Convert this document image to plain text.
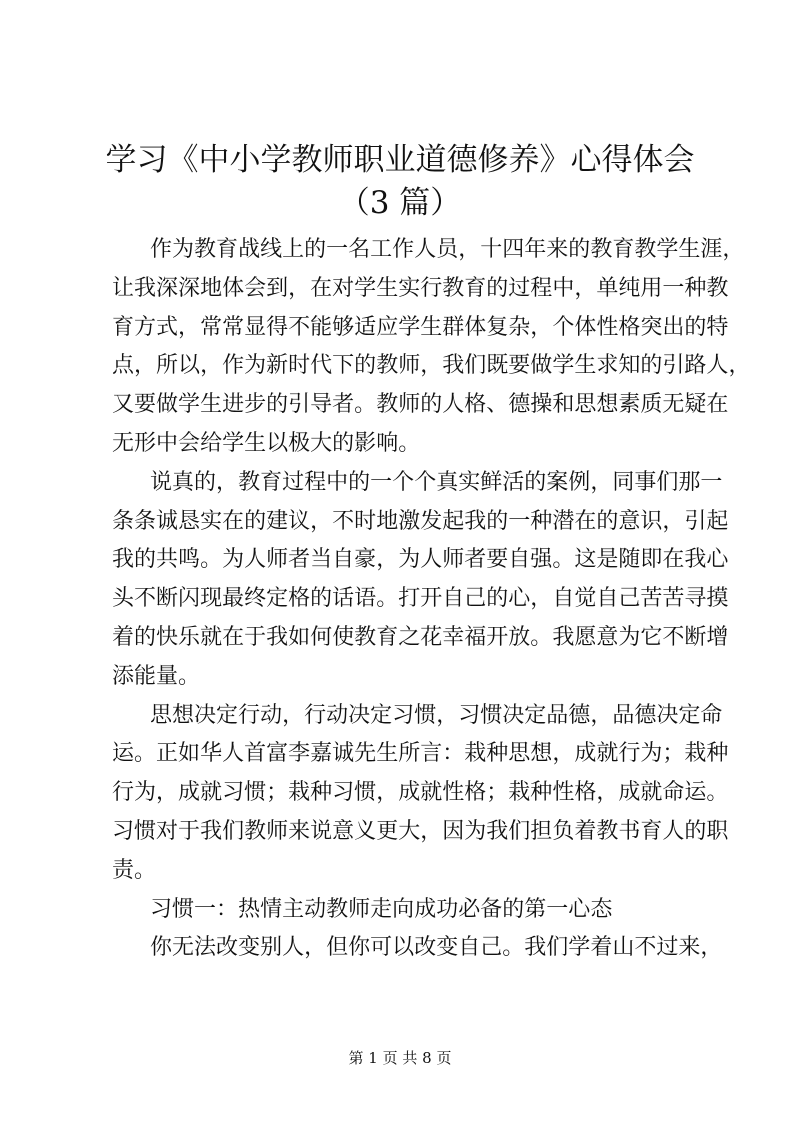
学习《中小学教师职业道德修养》心得体会
（3 篇）
作 为 教 育 战 线 上 的 一 名 工 作 人 员 ， 十 四 年 来 的 教 育 教 学 生 涯 ，
让 我 深 深 地 体 会 到 ， 在 对 学 生 实 行 教 育 的 过 程 中 ， 单 纯 用 一 种 教
育 方 式 ， 常 常 显 得 不 能 够 适 应 学 生 群 体 复 杂 ， 个 体 性 格 突 出 的 特
点 ， 所 以 ， 作 为 新 时 代 下 的 教 师 ， 我 们 既 要 做 学 生 求 知 的 引 路 人 ，
又 要 做 学 生 进 步 的 引 导 者 。 教 师 的 人 格 、 德 操 和 思 想 素 质 无 疑 在
无 形 中 会 给 学 生 以 极 大 的 影 响 。
说 真 的 ， 教 育 过 程 中 的 一 个 个 真 实 鲜 活 的 案 例 ， 同 事 们 那 一
条 条 诚 恳 实 在 的 建 议 ， 不 时 地 激 发 起 我 的 一 种 潜 在 的 意 识 ， 引 起
我 的 共 鸣 。 为 人 师 者 当 自 豪 ， 为 人 师 者 要 自 强 。 这 是 随 即 在 我 心
头 不 断 闪 现 最 终 定 格 的 话 语 。 打 开 自 己 的 心 ， 自 觉 自 己 苦 苦 寻 摸
着 的 快 乐 就 在 于 我 如 何 使 教 育 之 花 幸 福 开 放 。 我 愿 意 为 它 不 断 增
添 能 量 。
思 想 决 定 行 动 ， 行 动 决 定 习 惯 ， 习 惯 决 定 品 德 ， 品 德 决 定 命
运 。 正 如 华 人 首 富 李 嘉 诚 先 生 所 言 ： 栽 种 思 想 ， 成 就 行 为 ； 栽 种
行 为 ， 成 就 习 惯 ； 栽 种 习 惯 ， 成 就 性 格 ； 栽 种 性 格 ， 成 就 命 运 。
习 惯 对 于 我 们 教 师 来 说 意 义 更 大 ， 因 为 我 们 担 负 着 教 书 育 人 的 职
责 。
习 惯 一 ： 热 情 主 动 教 师 走 向 成 功 必 备 的 第 一 心 态
你 无 法 改 变 别 人 ， 但 你 可 以 改 变 自 己 。 我 们 学 着 山 不 过 来 ，
第 1 页 共 8 页
